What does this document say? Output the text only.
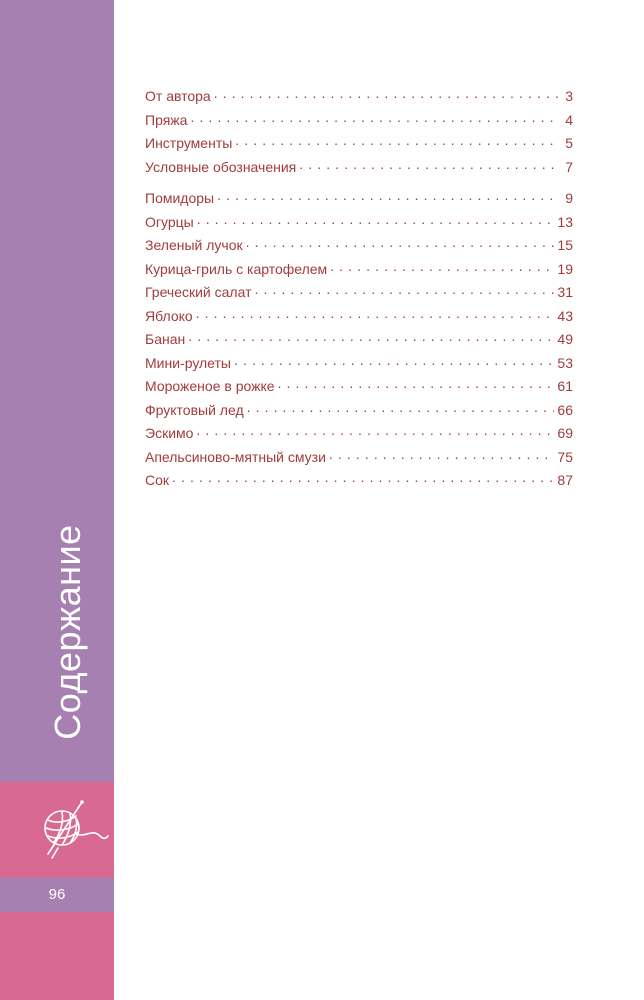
Содержание
96
От автора . . .	3
Пряжа . . .	4
Инструменты . . .	5
Условные обозначения . . .	7
Помидоры . . .	9
Огурцы . . .	13
Зеленый лучок . . .	15
Курица-гриль с картофелем . . .	19
Греческий салат . . .	31
Яблоко . . .	43
Банан . . .	49
Мини-рулеты . . .	53
Мороженое в рожке . . .	61
Фруктовый лед . . .	66
Эскимо . . .	69
Апельсиново-мятный смузи . . .	75
Сок . . .	87
